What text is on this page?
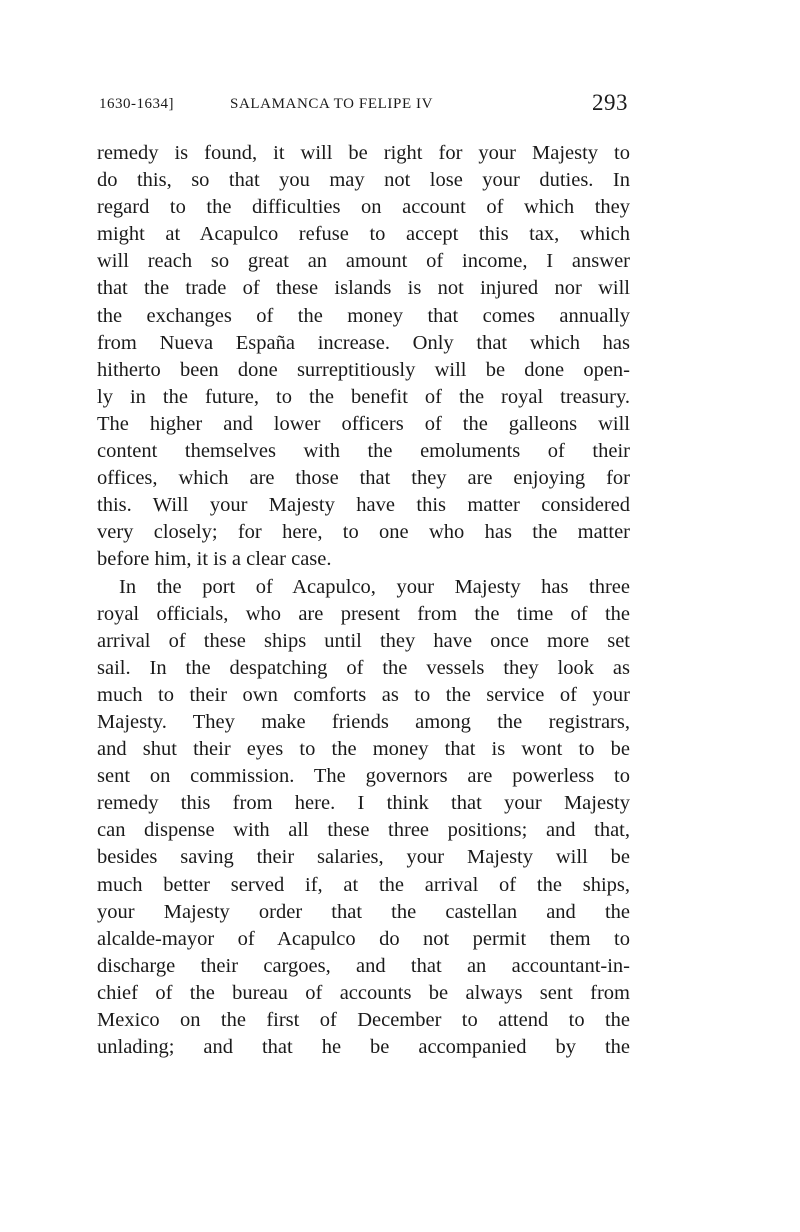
1630-1634]	SALAMANCA TO FELIPE IV	293
remedy is found, it will be right for your Majesty to
do this, so that you may not lose your duties. In
regard to the difficulties on account of which they
might at Acapulco refuse to accept this tax, which
will reach so great an amount of income, I answer
that the trade of these islands is not injured nor will
the exchanges of the money that comes annually
from Nueva España increase. Only that which has
hitherto been done surreptitiously will be done open-
ly in the future, to the benefit of the royal treasury.
The higher and lower officers of the galleons will
content themselves with the emoluments of their
offices, which are those that they are enjoying for
this. Will your Majesty have this matter considered
very closely; for here, to one who has the matter
before him, it is a clear case.
In the port of Acapulco, your Majesty has three
royal officials, who are present from the time of the
arrival of these ships until they have once more set
sail. In the despatching of the vessels they look as
much to their own comforts as to the service of your
Majesty. They make friends among the registrars,
and shut their eyes to the money that is wont to be
sent on commission. The governors are powerless to
remedy this from here. I think that your Majesty
can dispense with all these three positions; and that,
besides saving their salaries, your Majesty will be
much better served if, at the arrival of the ships,
your Majesty order that the castellan and the
alcalde-mayor of Acapulco do not permit them to
discharge their cargoes, and that an accountant-in-
chief of the bureau of accounts be always sent from
Mexico on the first of December to attend to the
unlading; and that he be accompanied by the
